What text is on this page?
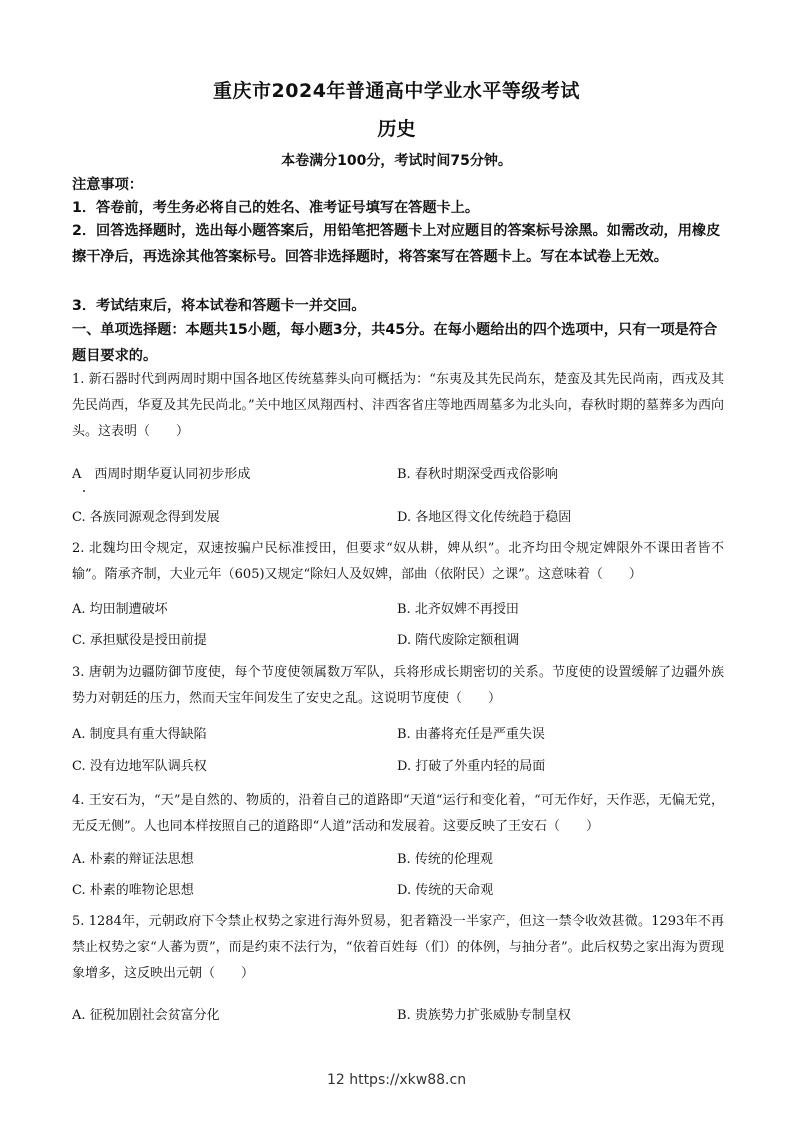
重庆市2024年普通高中学业水平等级考试
历史
本卷满分100分，考试时间75分钟。
注意事项：
1．答卷前，考生务必将自己的姓名、准考证号填写在答题卡上。
2．回答选择题时，选出每小题答案后，用铅笔把答题卡上对应题目的答案标号涂黑。如需改动，用橡皮擦干净后，再选涂其他答案标号。回答非选择题时，将答案写在答题卡上。写在本试卷上无效。
3．考试结束后，将本试卷和答题卡一并交回。
一、单项选择题：本题共15小题，每小题3分，共45分。在每小题给出的四个选项中，只有一项是符合题目要求的。
1. 新石器时代到两周时期中国各地区传统墓葬头向可概括为：“东夷及其先民尚东，楚蛮及其先民尚南，西戎及其先民尚西，华夏及其先民尚北。”关中地区凤翔西村、沣西客省庄等地西周墓多为北头向，春秋时期的墓葬多为西向头。这表明（　　）
A　西周时期华夏认同初步形成	B. 春秋时期深受西戎俗影响
C. 各族同源观念得到发展	D. 各地区得文化传统趋于稳固
2. 北魏均田令规定，双速按骗户民标准授田，但要求“奴从耕，婢从织”。北齐均田令规定婢限外不课田者皆不输”。隋承齐制，大业元年（605)又规定“除妇人及奴婢，部曲（依附民）之课”。这意味着（　　）
A. 均田制遭破坏	B. 北齐奴婢不再授田
C. 承担赋役是授田前提	D. 隋代废除定额租调
3. 唐朝为边疆防御节度使，每个节度使领属数万军队，兵将形成长期密切的关系。节度使的设置缓解了边疆外族势力对朝廷的压力，然而天宝年间发生了安史之乱。这说明节度使（　　）
A. 制度具有重大得缺陷	B. 由蕃将充任是严重失误
C. 没有边地军队调兵权	D. 打破了外重内轻的局面
4. 王安石为，“天”是自然的、物质的，沿着自己的道路即“天道“运行和变化着，“可无作好，天作恶，无偏无党，无反无侧”。人也同本样按照自己的道路即“人道”活动和发展着。这要反映了王安石（　　）
A. 朴素的辩证法思想	B. 传统的伦理观
C. 朴素的唯物论思想	D. 传统的天命观
5. 1284年，元朝政府下令禁止权势之家进行海外贸易，犯者籍没一半家产，但这一禁令收效甚微。1293年不再禁止权势之家“人蕃为贾”，而是约束不法行为，“依着百姓每（们）的体例，与抽分者”。此后权势之家出海为贾现象增多，这反映出元朝（　　）
A. 征税加剧社会贫富分化	B. 贵族势力扩张威胁专制皇权
12 https://xkw88.cn
